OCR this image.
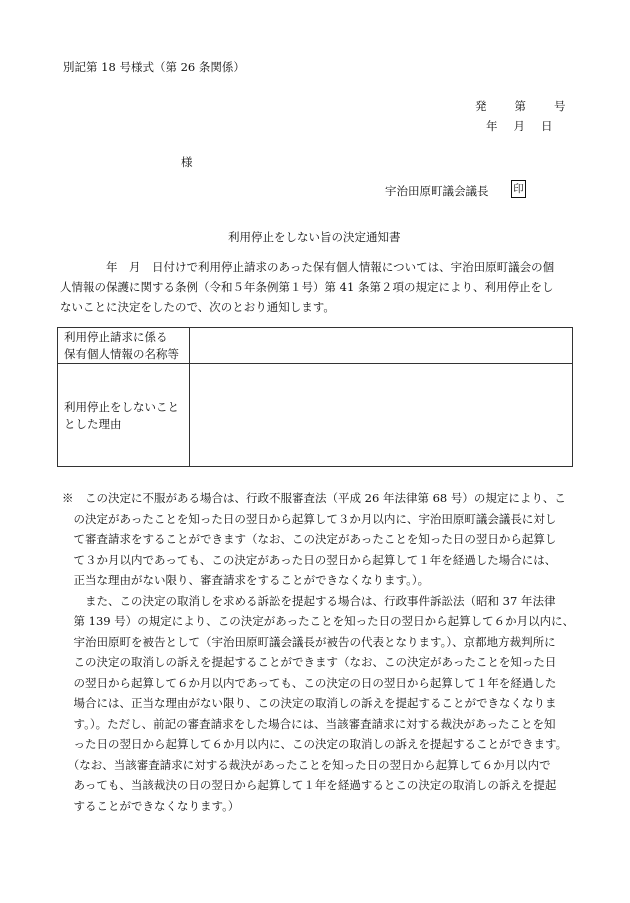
別記第 18 号様式（第 26 条関係）
発 第 号
年 月 日
様
宇治田原町議会議長 印
利用停止をしない旨の決定通知書
　　　　年　月　日付けで利用停止請求のあった保有個人情報については、宇治田原町議会の個
人情報の保護に関する条例（令和５年条例第１号）第 41 条第２項の規定により、利用停止をし
ないことに決定をしたので、次のとおり通知します。
利用停止請求に係る
保有個人情報の名称等
利用停止をしないこと
とした理由
※　この決定に不服がある場合は、行政不服審査法（平成 26 年法律第 68 号）の規定により、こ
　の決定があったことを知った日の翌日から起算して３か月以内に、宇治田原町議会議長に対し
　て審査請求をすることができます（なお、この決定があったことを知った日の翌日から起算し
　て３か月以内であっても、この決定があった日の翌日から起算して１年を経過した場合には、
　正当な理由がない限り、審査請求をすることができなくなります。）。
　　また、この決定の取消しを求める訴訟を提起する場合は、行政事件訴訟法（昭和 37 年法律
　第 139 号）の規定により、この決定があったことを知った日の翌日から起算して６か月以内に、
　宇治田原町を被告として（宇治田原町議会議長が被告の代表となります。）、京都地方裁判所に
　この決定の取消しの訴えを提起することができます（なお、この決定があったことを知った日
　の翌日から起算して６か月以内であっても、この決定の日の翌日から起算して１年を経過した
　場合には、正当な理由がない限り、この決定の取消しの訴えを提起することができなくなりま
　す。）。ただし、前記の審査請求をした場合には、当該審査請求に対する裁決があったことを知
　った日の翌日から起算して６か月以内に、この決定の取消しの訴えを提起することができます。
　（なお、当該審査請求に対する裁決があったことを知った日の翌日から起算して６か月以内で
　あっても、当該裁決の日の翌日から起算して１年を経過するとこの決定の取消しの訴えを提起
　することができなくなります。）
